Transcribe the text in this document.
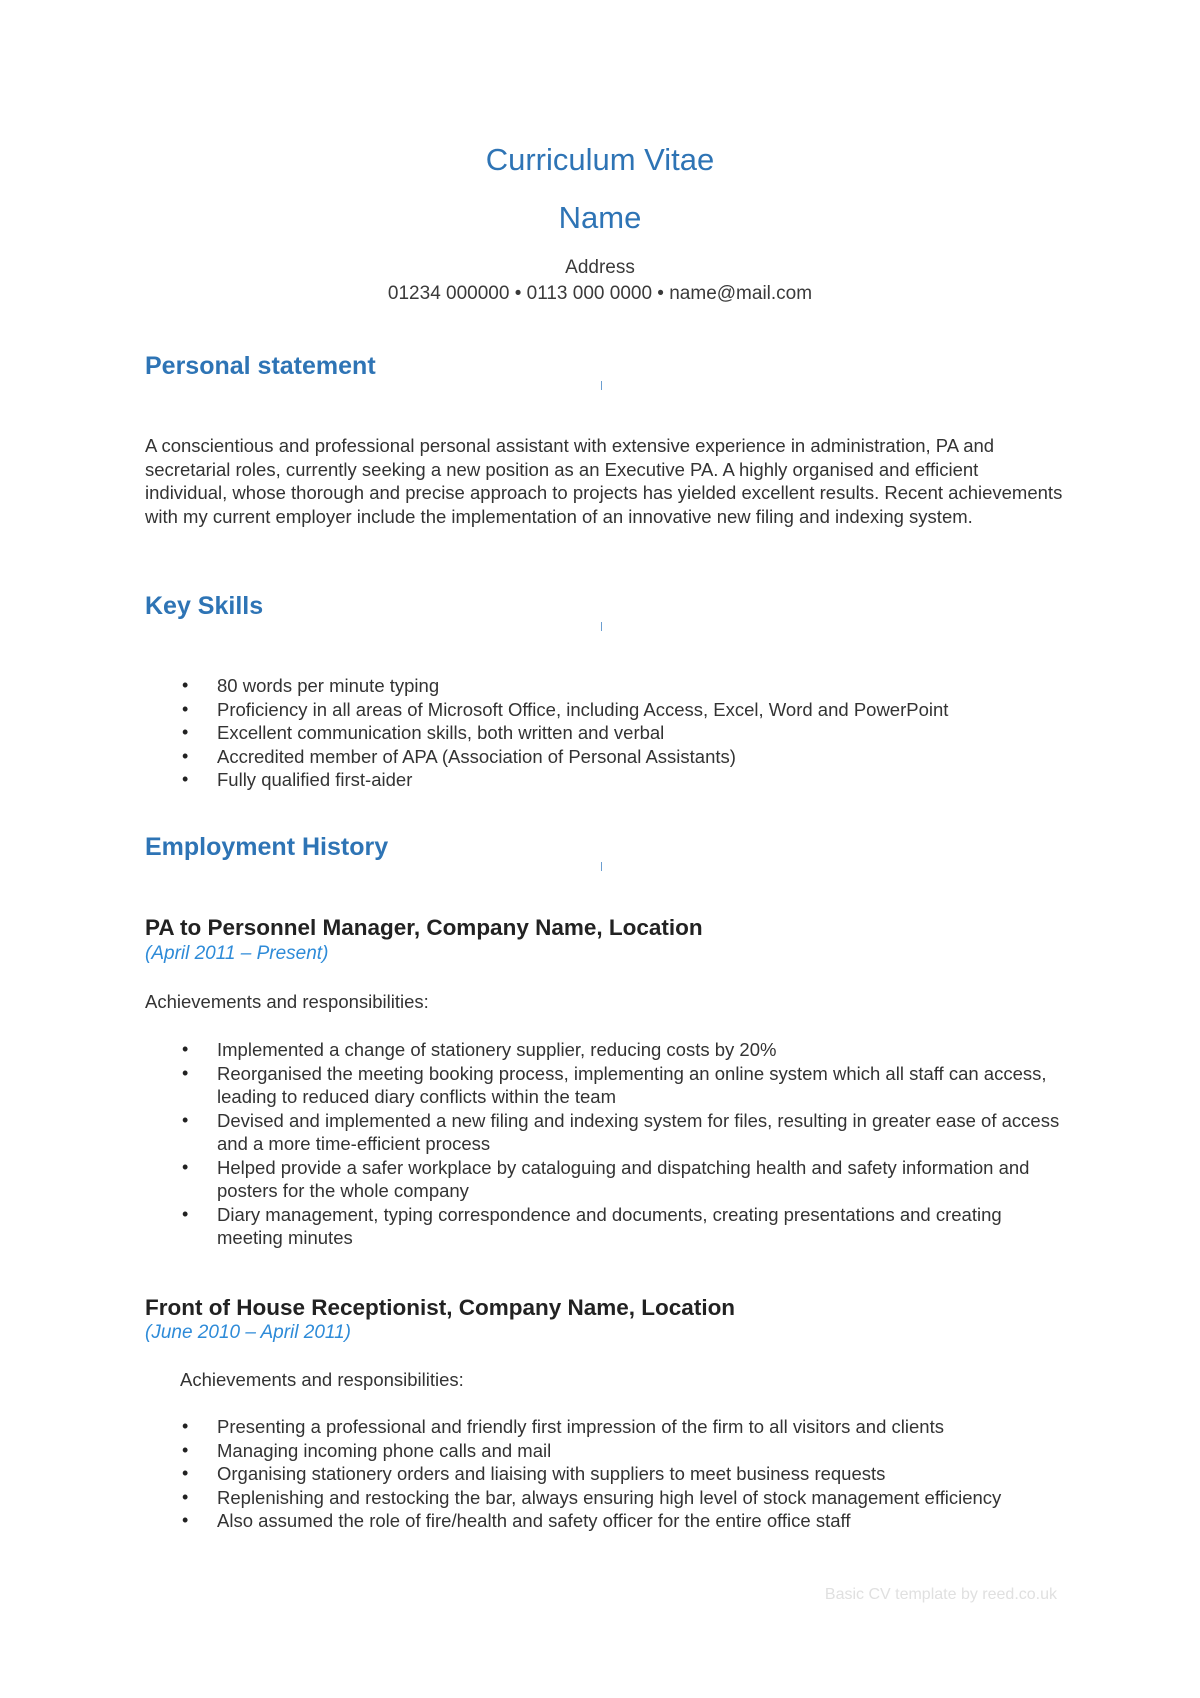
Curriculum Vitae
Name
Address
01234 000000 • 0113 000 0000 • name@mail.com
Personal statement

A conscientious and professional personal assistant with extensive experience in administration, PA and secretarial roles, currently seeking a new position as an Executive PA. A highly organised and efficient individual, whose thorough and precise approach to projects has yielded excellent results. Recent achievements with my current employer include the implementation of an innovative new filing and indexing system.

Key Skills
• 80 words per minute typing
• Proficiency in all areas of Microsoft Office, including Access, Excel, Word and PowerPoint
• Excellent communication skills, both written and verbal
• Accredited member of APA (Association of Personal Assistants)
• Fully qualified first-aider
Employment History
PA to Personnel Manager, Company Name, Location
(April 2011 – Present)
Achievements and responsibilities:
• Implemented a change of stationery supplier, reducing costs by 20%
• Reorganised the meeting booking process, implementing an online system which all staff can access, leading to reduced diary conflicts within the team
• Devised and implemented a new filing and indexing system for files, resulting in greater ease of access and a more time-efficient process
• Helped provide a safer workplace by cataloguing and dispatching health and safety information and posters for the whole company
• Diary management, typing correspondence and documents, creating presentations and creating meeting minutes
Front of House Receptionist, Company Name, Location
(June 2010 – April 2011)
Achievements and responsibilities:
• Presenting a professional and friendly first impression of the firm to all visitors and clients
• Managing incoming phone calls and mail
• Organising stationery orders and liaising with suppliers to meet business requests
• Replenishing and restocking the bar, always ensuring high level of stock management efficiency
• Also assumed the role of fire/health and safety officer for the entire office staff
Basic CV template by reed.co.uk
